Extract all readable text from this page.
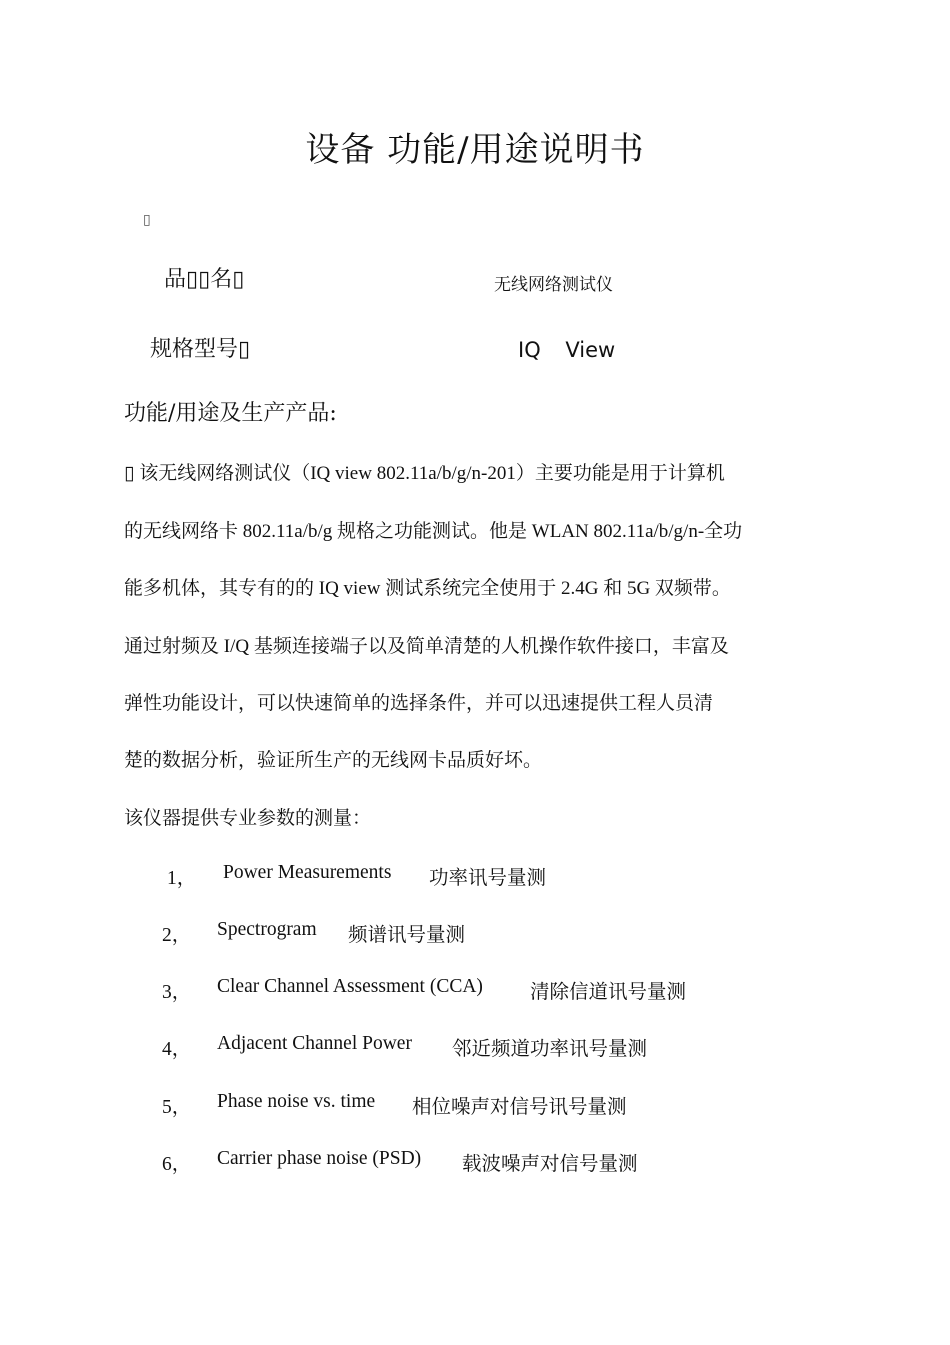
设备 功能/用途说明书
▯
品▯▯名▯	无线网络测试仪
规格型号▯	IQ View
功能/用途及生产产品:
▯ 该无线网络测试仪（IQ view 802.11a/b/g/n-201）主要功能是用于计算机
的无线网络卡 802.11a/b/g 规格之功能测试。他是 WLAN 802.11a/b/g/n-全功
能多机体，其专有的的 IQ view 测试系统完全使用于 2.4G 和 5G 双频带。
通过射频及 I/Q 基频连接端子以及简单清楚的人机操作软件接口，丰富及
弹性功能设计，可以快速简单的选择条件，并可以迅速提供工程人员清
楚的数据分析，验证所生产的无线网卡品质好坏。
该仪器提供专业参数的测量：
1， Power Measurements 功率讯号量测
2， Spectrogram 频谱讯号量测
3， Clear Channel Assessment (CCA) 清除信道讯号量测
4， Adjacent Channel Power 邻近频道功率讯号量测
5， Phase noise vs. time 相位噪声对信号讯号量测
6， Carrier phase noise (PSD) 载波噪声对信号量测
